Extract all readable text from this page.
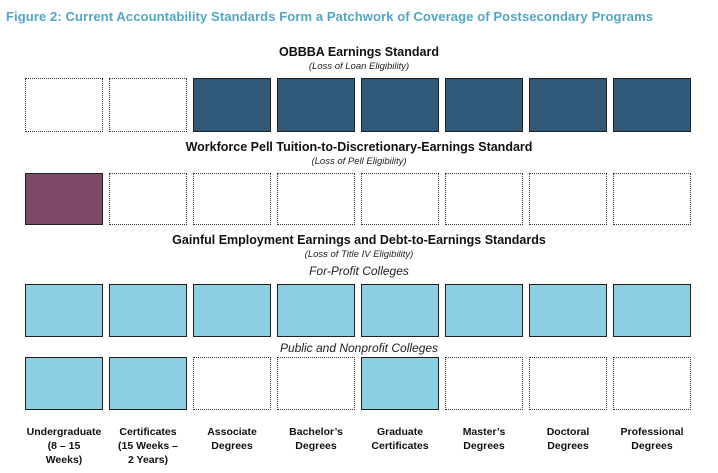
Figure 2: Current Accountability Standards Form a Patchwork of Coverage of Postsecondary Programs
OBBBA Earnings Standard
(Loss of Loan Eligibility)
Workforce Pell Tuition-to-Discretionary-Earnings Standard
(Loss of Pell Eligibility)
Gainful Employment Earnings and Debt-to-Earnings Standards
(Loss of Title IV Eligibility)
For-Profit Colleges
Public and Nonprofit Colleges
Undergraduate
(8 – 15
Weeks)
Certificates
(15 Weeks –
2 Years)
Associate
Degrees
Bachelor’s
Degrees
Graduate
Certificates
Master’s
Degrees
Doctoral
Degrees
Professional
Degrees
